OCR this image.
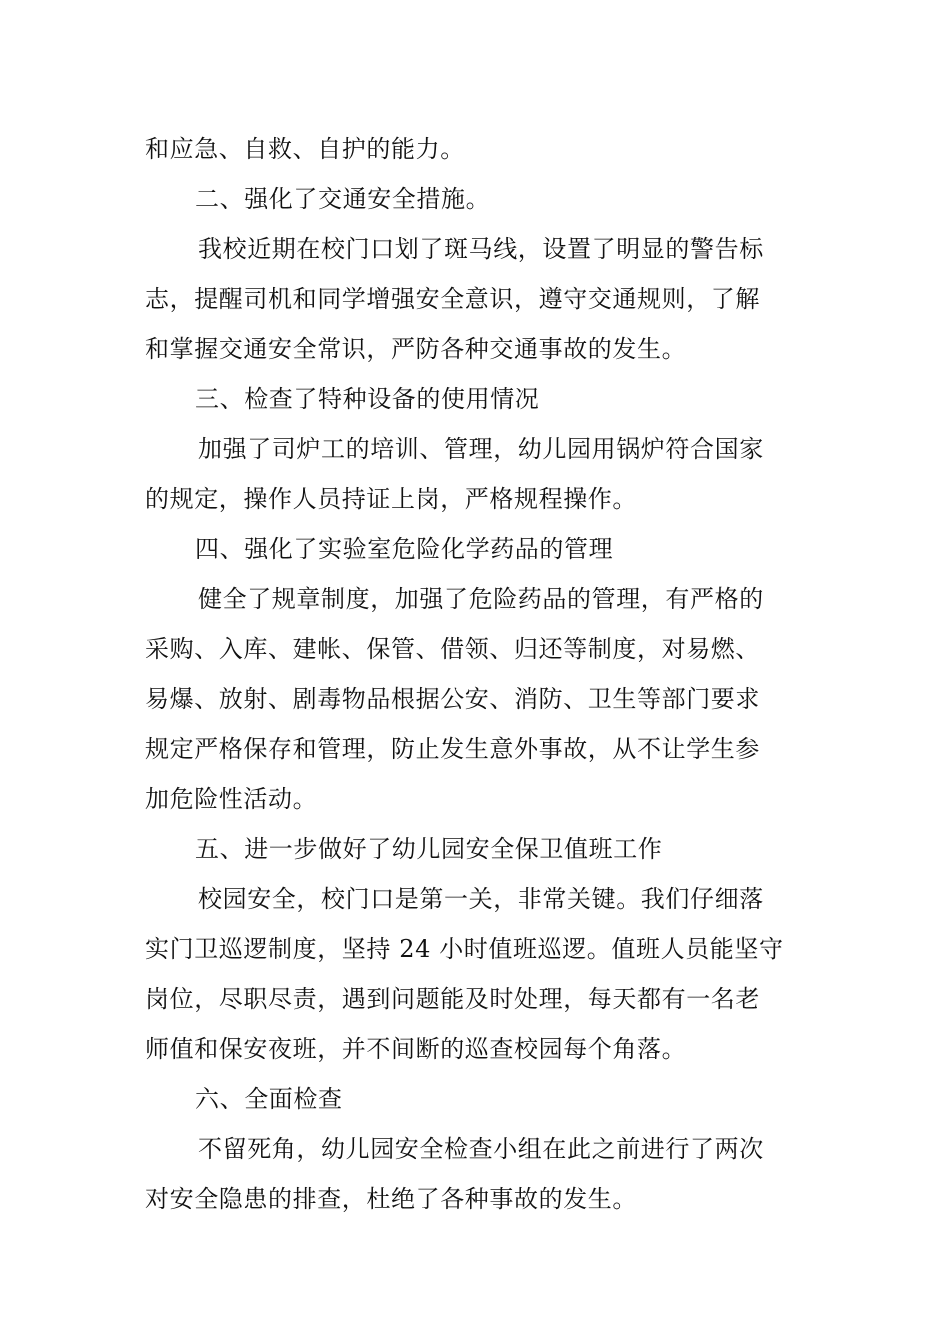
和应急、自救、自护的能力。
二、强化了交通安全措施。
我校近期在校门口划了斑马线，设置了明显的警告标
志，提醒司机和同学增强安全意识，遵守交通规则，了解
和掌握交通安全常识，严防各种交通事故的发生。
三、检查了特种设备的使用情况
加强了司炉工的培训、管理，幼儿园用锅炉符合国家
的规定，操作人员持证上岗，严格规程操作。
四、强化了实验室危险化学药品的管理
健全了规章制度，加强了危险药品的管理，有严格的
采购、入库、建帐、保管、借领、归还等制度，对易燃、
易爆、放射、剧毒物品根据公安、消防、卫生等部门要求
规定严格保存和管理，防止发生意外事故，从不让学生参
加危险性活动。
五、进一步做好了幼儿园安全保卫值班工作
校园安全，校门口是第一关，非常关键。我们仔细落
实门卫巡逻制度，坚持 24 小时值班巡逻。值班人员能坚守
岗位，尽职尽责，遇到问题能及时处理，每天都有一名老
师值和保安夜班，并不间断的巡查校园每个角落。
六、全面检查
不留死角，幼儿园安全检查小组在此之前进行了两次
对安全隐患的排查，杜绝了各种事故的发生。
